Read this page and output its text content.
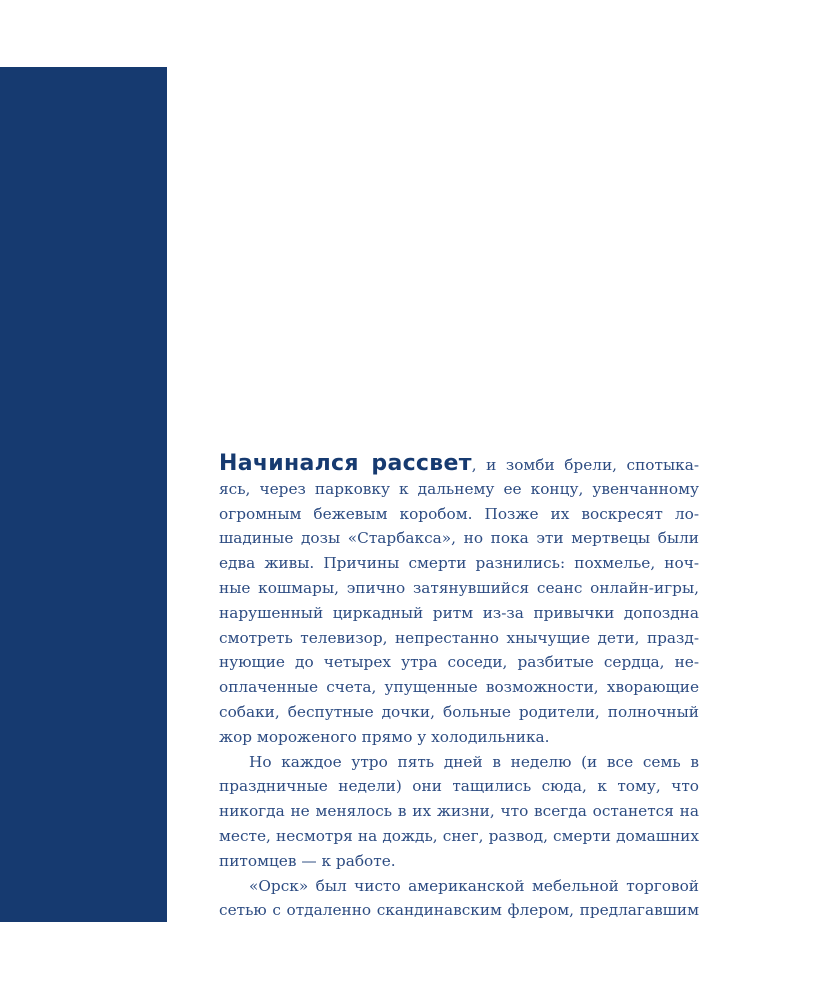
Начинался рассвет, и зомби брели, спотыка-
ясь, через парковку к дальнему ее концу, увенчанному
огромным бежевым коробом. Позже их воскресят ло-
шадиные дозы «Старбакса», но пока эти мертвецы были
едва живы. Причины смерти разнились: похмелье, ноч-
ные кошмары, эпично затянувшийся сеанс онлайн-игры,
нарушенный циркадный ритм из-за привычки допоздна
смотреть телевизор, непрестанно хнычущие дети, празд-
нующие до четырех утра соседи, разбитые сердца, не-
оплаченные счета, упущенные возможности, хворающие
собаки, беспутные дочки, больные родители, полночный
жор мороженого прямо у холодильника.
Но каждое утро пять дней в неделю (и все семь в
праздничные недели) они тащились сюда, к тому, что
никогда не менялось в их жизни, что всегда останется на
месте, несмотря на дождь, снег, развод, смерти домашних
питомцев — к работе.
«Орск» был чисто американской мебельной торговой
сетью с отдаленно скандинавским флером, предлагавшим
